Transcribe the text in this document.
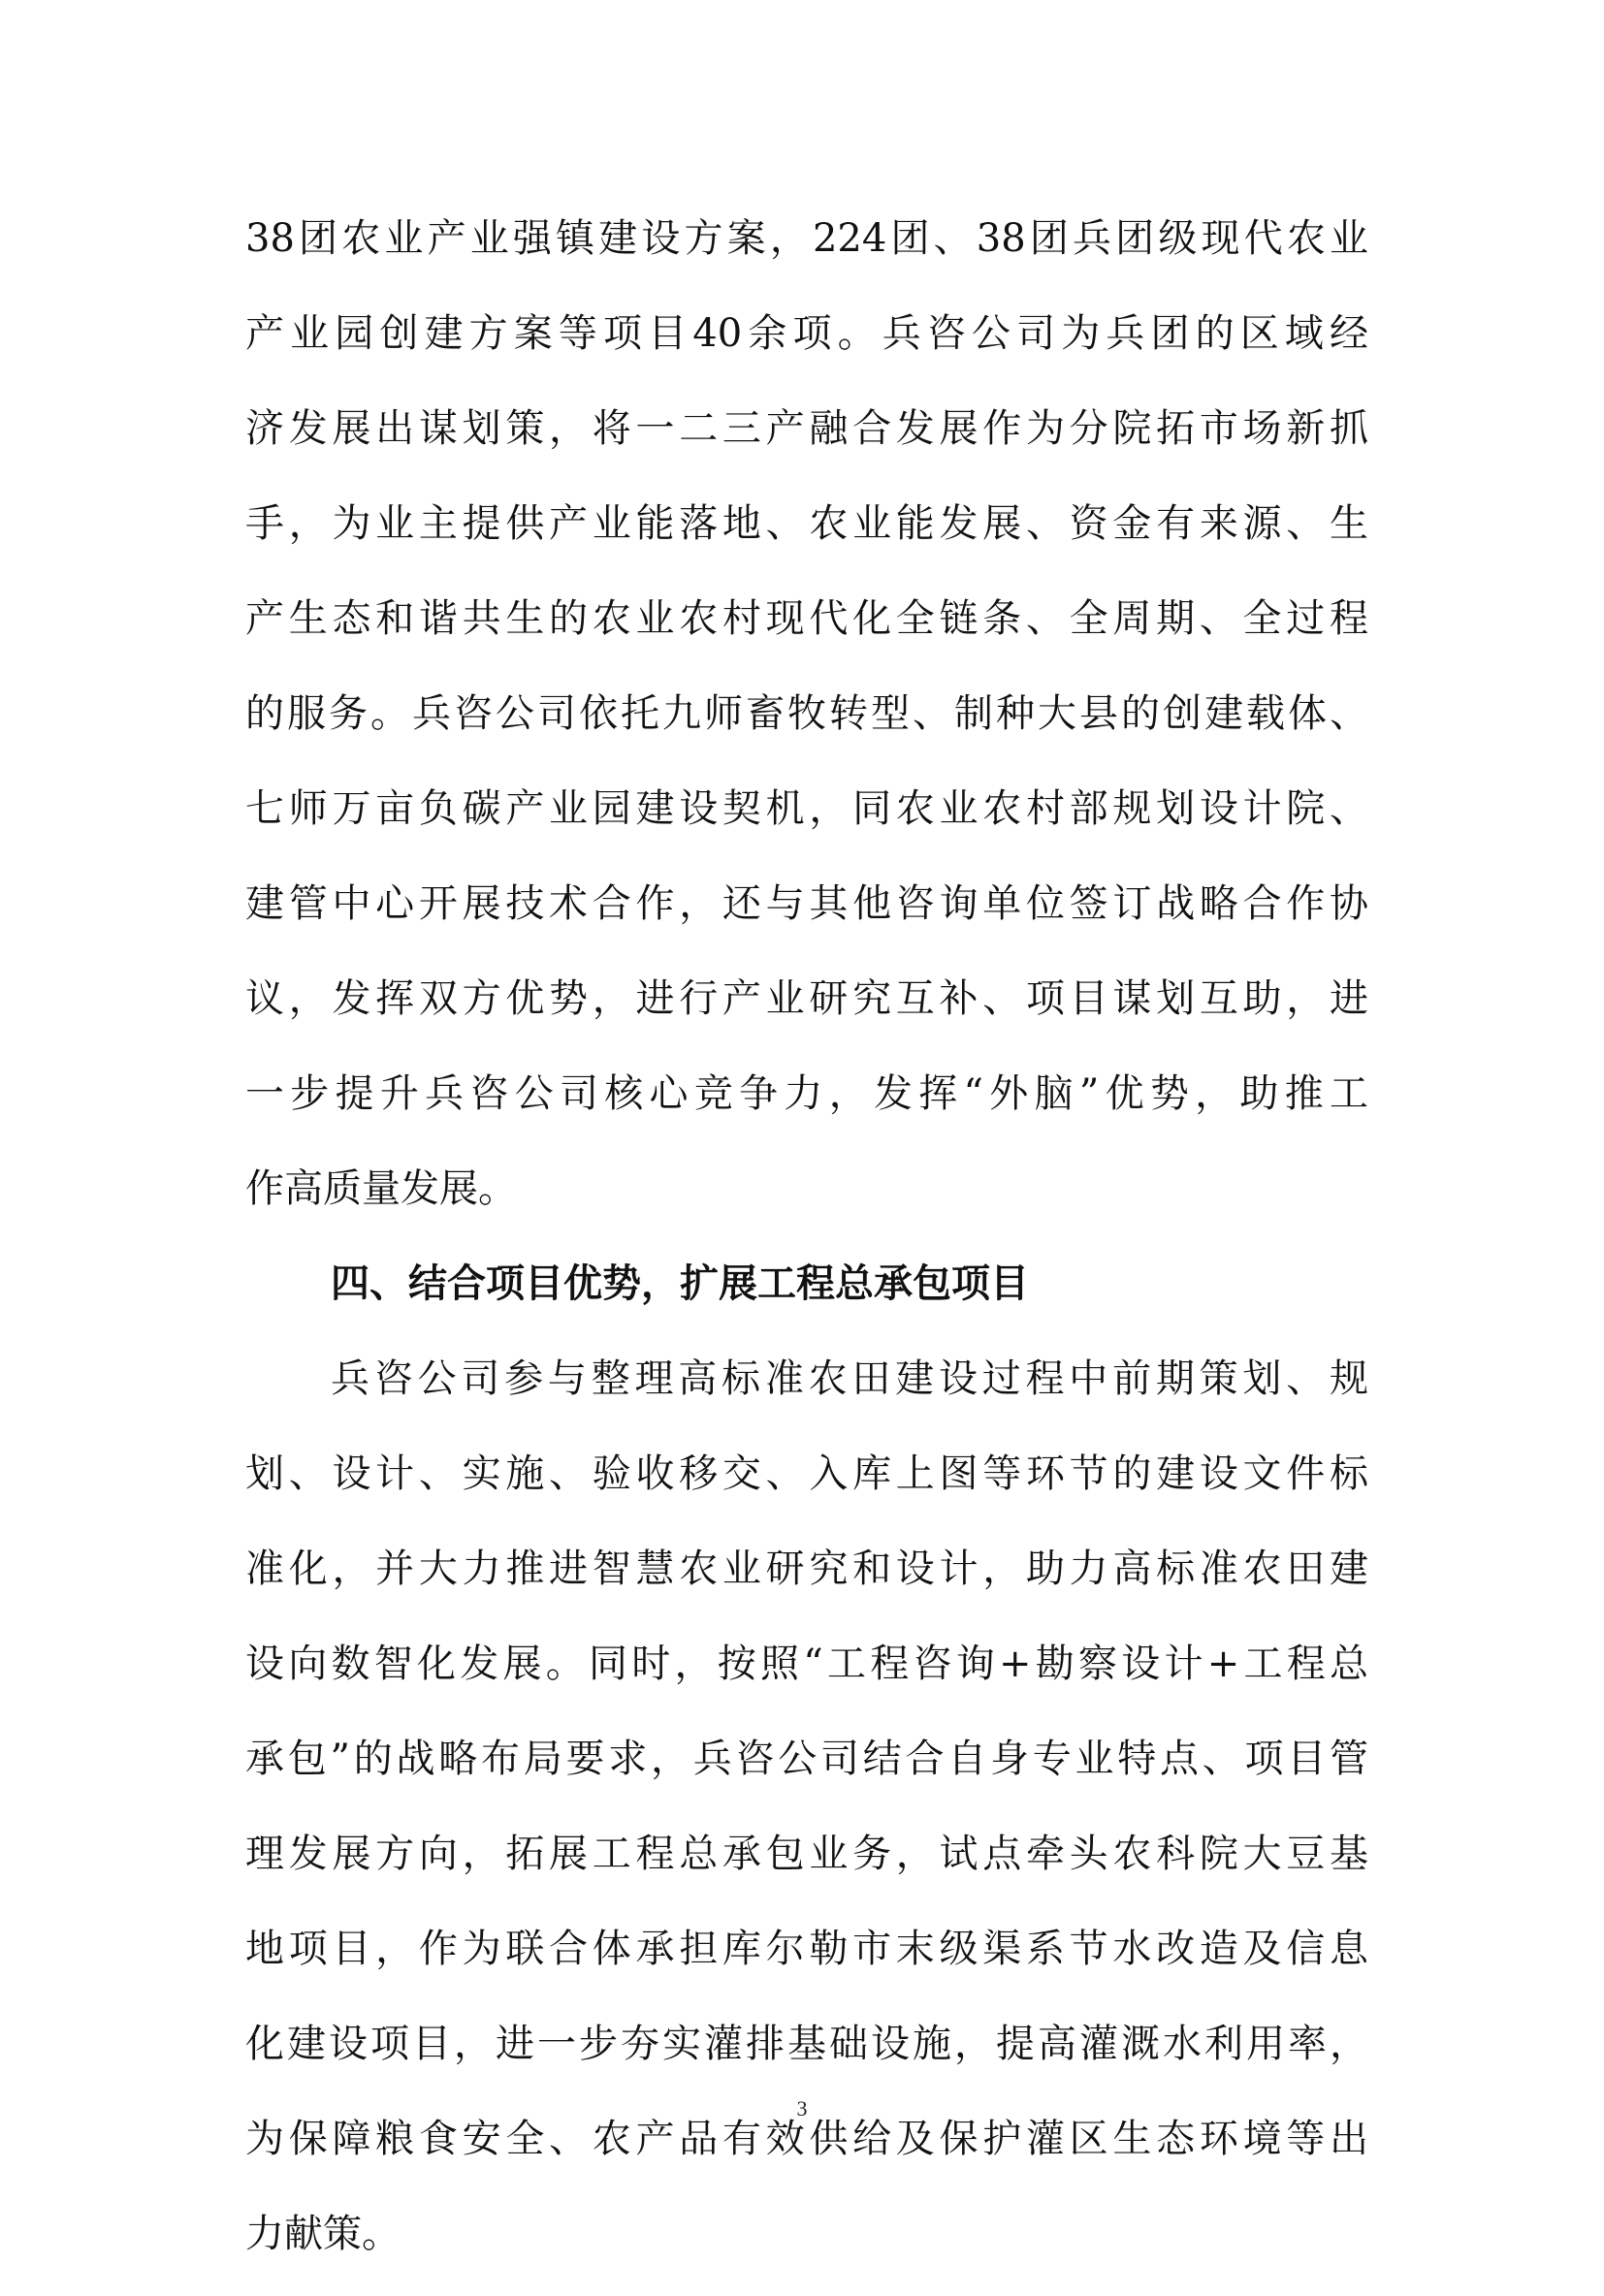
38团农业产业强镇建设方案，224团、38团兵团级现代农业
产业园创建方案等项目40余项。兵咨公司为兵团的区域经
济发展出谋划策，将一二三产融合发展作为分院拓市场新抓
手，为业主提供产业能落地、农业能发展、资金有来源、生
产生态和谐共生的农业农村现代化全链条、全周期、全过程
的服务。兵咨公司依托九师畜牧转型、制种大县的创建载体、
七师万亩负碳产业园建设契机，同农业农村部规划设计院、
建管中心开展技术合作，还与其他咨询单位签订战略合作协
议，发挥双方优势，进行产业研究互补、项目谋划互助，进
一步提升兵咨公司核心竞争力，发挥“外脑”优势，助推工
作高质量发展。
四、结合项目优势，扩展工程总承包项目
兵咨公司参与整理高标准农田建设过程中前期策划、规
划、设计、实施、验收移交、入库上图等环节的建设文件标
准化，并大力推进智慧农业研究和设计，助力高标准农田建
设向数智化发展。同时，按照“工程咨询+勘察设计+工程总
承包”的战略布局要求，兵咨公司结合自身专业特点、项目管
理发展方向，拓展工程总承包业务，试点牵头农科院大豆基
地项目，作为联合体承担库尔勒市末级渠系节水改造及信息
化建设项目，进一步夯实灌排基础设施，提高灌溉水利用率，
为保障粮食安全、农产品有效供给及保护灌区生态环境等出
力献策。
3
